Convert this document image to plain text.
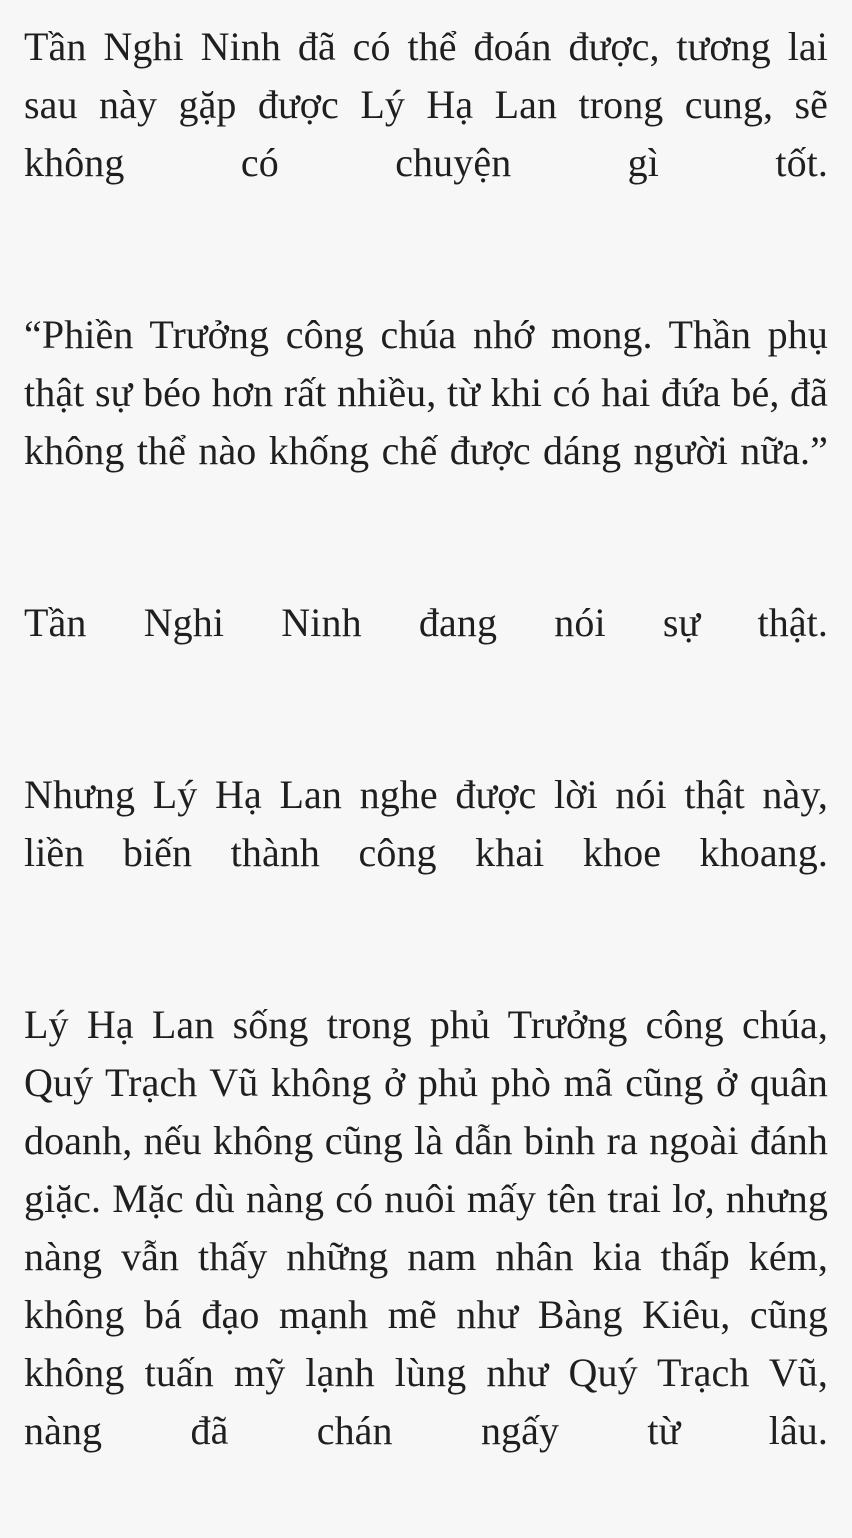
Tần Nghi Ninh đã có thể đoán được, tương lai sau này gặp được Lý Hạ Lan trong cung, sẽ không có chuyện gì tốt.

“Phiền Trưởng công chúa nhớ mong. Thần phụ thật sự béo hơn rất nhiều, từ khi có hai đứa bé, đã không thể nào khống chế được dáng người nữa.”

Tần Nghi Ninh đang nói sự thật.

Nhưng Lý Hạ Lan nghe được lời nói thật này, liền biến thành công khai khoe khoang.

Lý Hạ Lan sống trong phủ Trưởng công chúa, Quý Trạch Vũ không ở phủ phò mã cũng ở quân doanh, nếu không cũng là dẫn binh ra ngoài đánh giặc. Mặc dù nàng có nuôi mấy tên trai lơ, nhưng nàng vẫn thấy những nam nhân kia thấp kém, không bá đạo mạnh mẽ như Bàng Kiêu, cũng không tuấn mỹ lạnh lùng như Quý Trạch Vũ, nàng đã chán ngấy từ lâu.
